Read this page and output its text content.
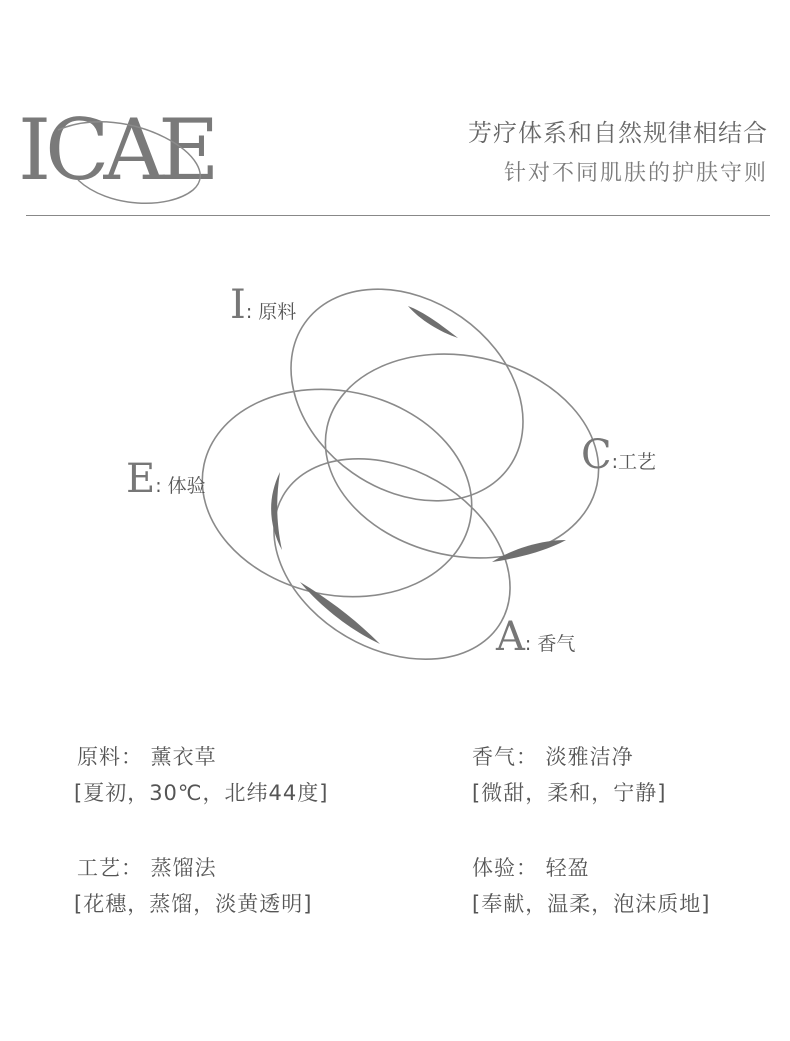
ICAE	芳疗体系和自然规律相结合
针对不同肌肤的护肤守则
I: 原料
C:工艺
E: 体验
A: 香气
原料： 薰衣草
[夏初，30℃，北纬44度]
香气： 淡雅洁净
[微甜，柔和，宁静]
工艺： 蒸馏法
[花穗，蒸馏，淡黄透明]
体验： 轻盈
[奉献，温柔，泡沫质地]
